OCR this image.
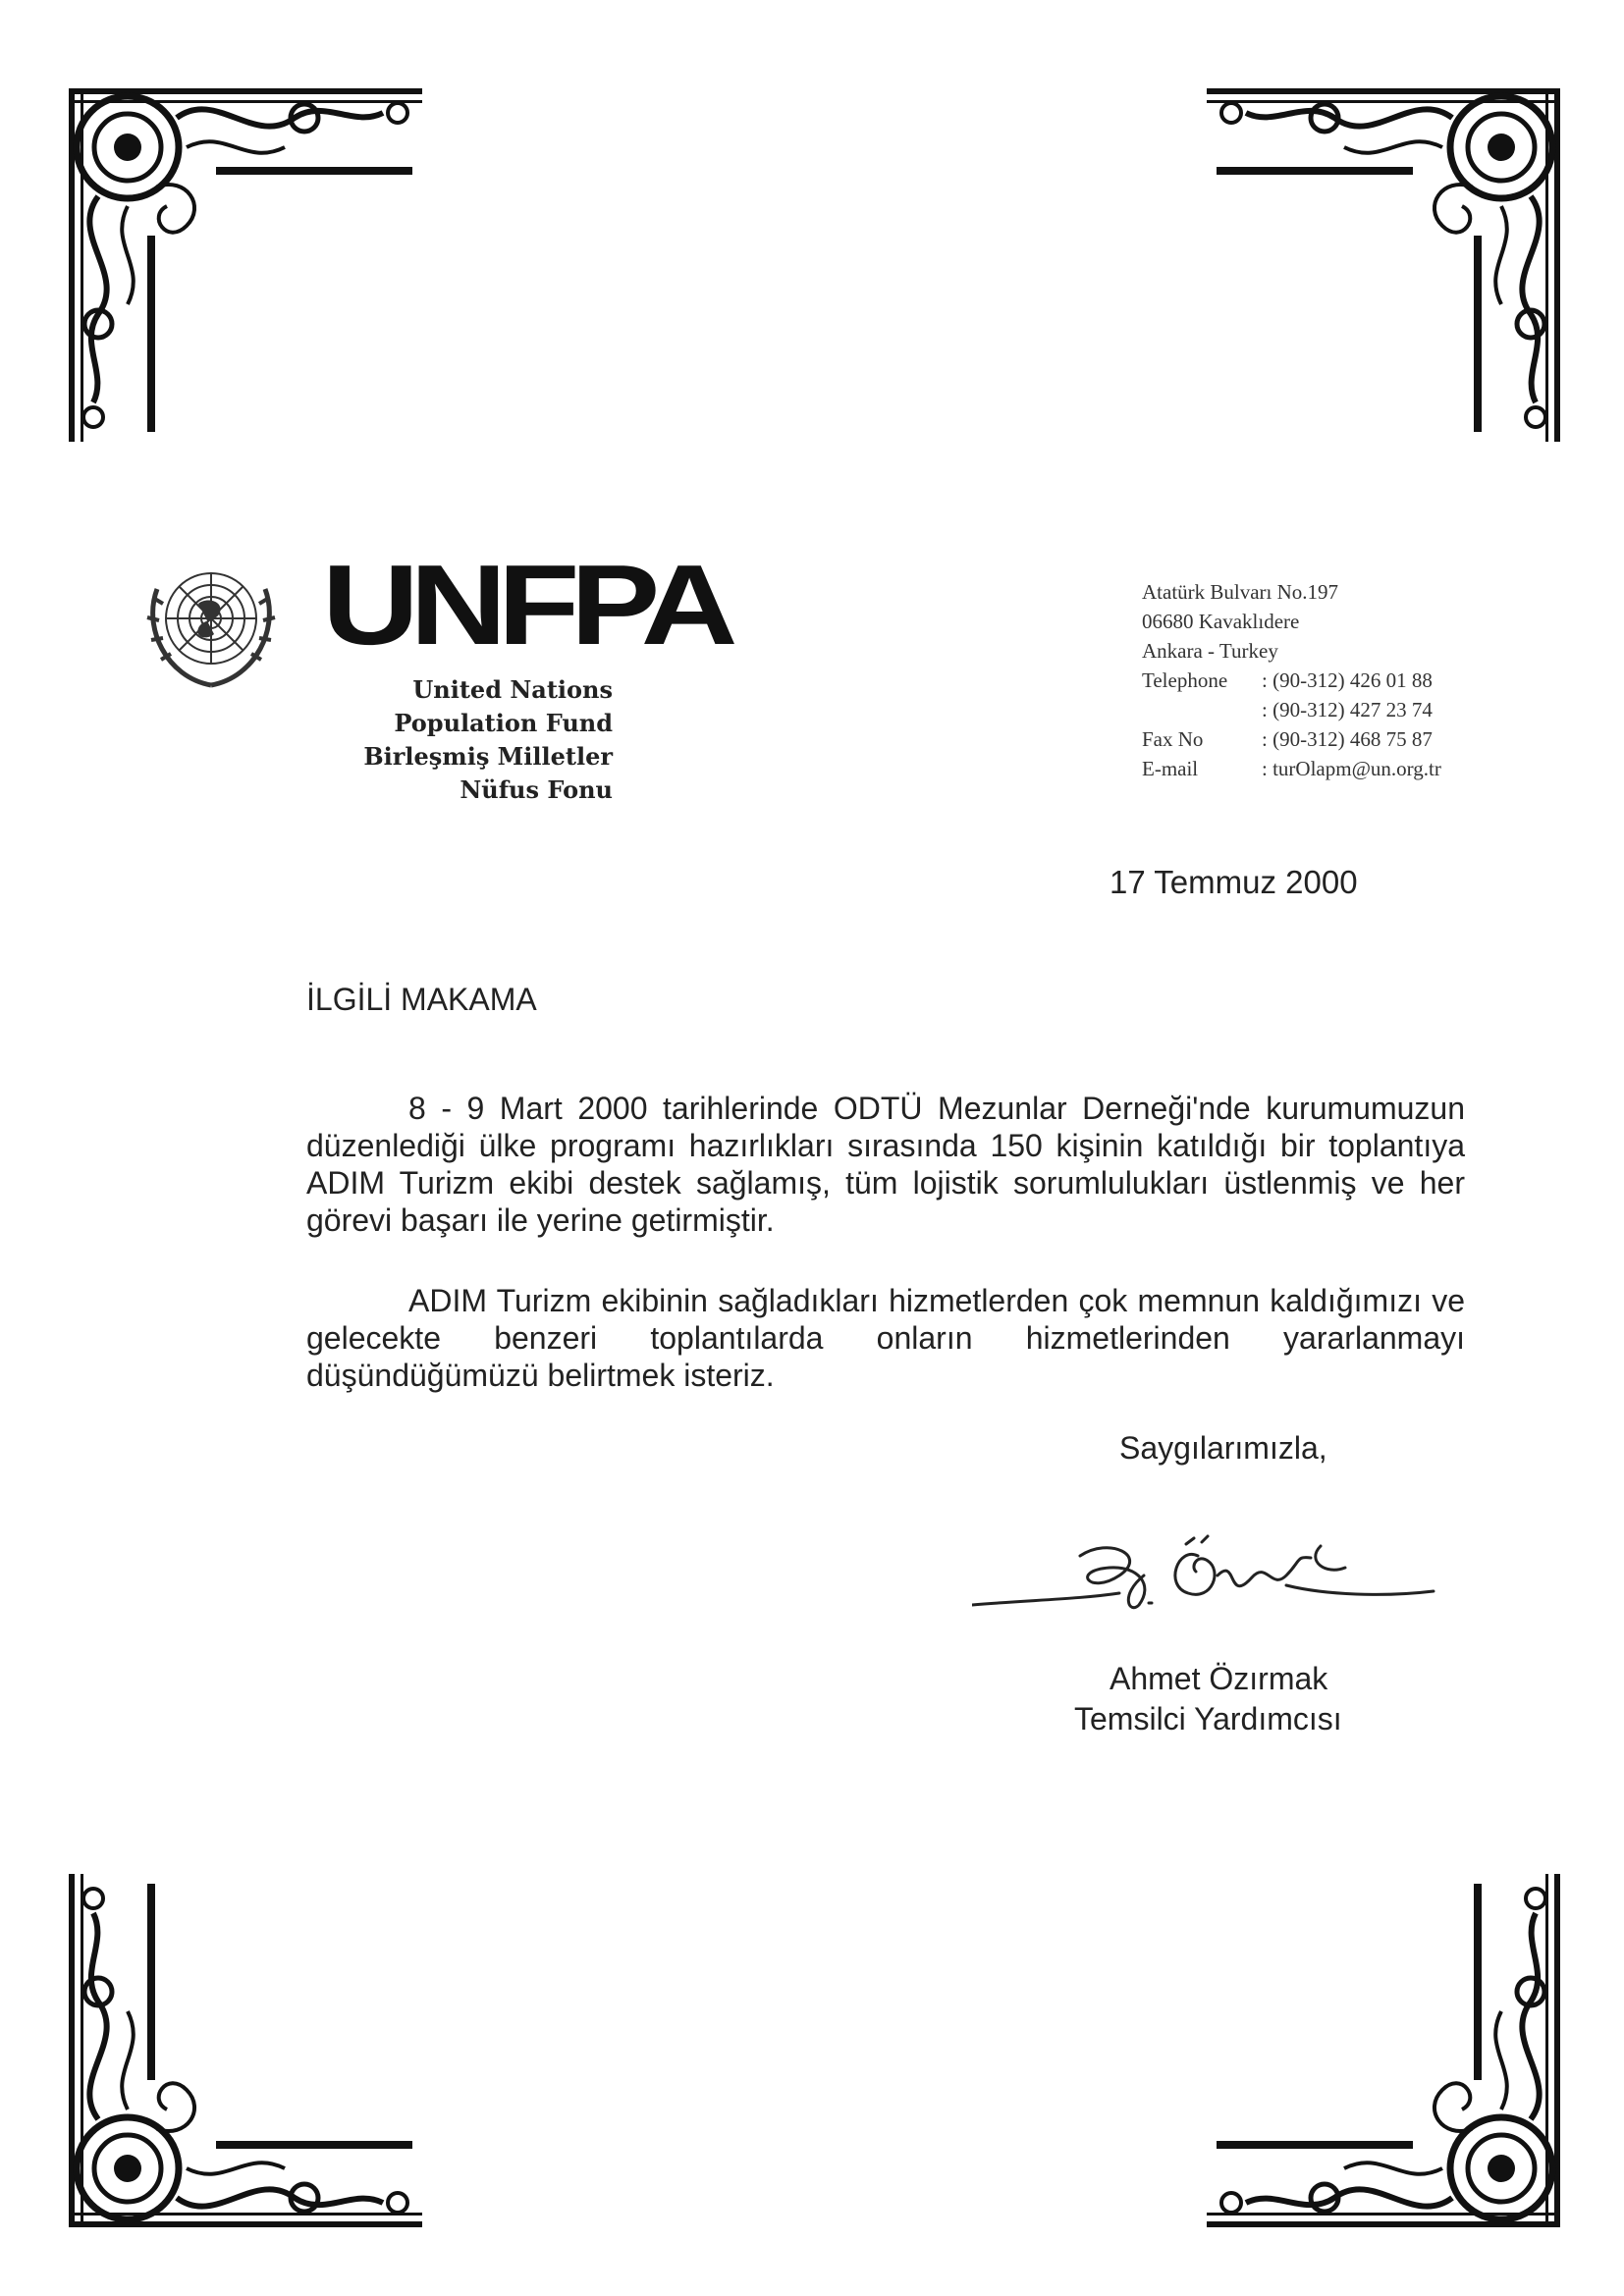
UNFPA
United Nations
Population Fund
Birleşmiş Milletler
Nüfus Fonu
Atatürk Bulvarı No.197
06680 Kavaklıdere
Ankara - Turkey
Telephone	: (90-312) 426 01 88
: (90-312) 427 23 74
Fax No	: (90-312) 468 75 87
E-mail	: turOlapm@un.org.tr
17 Temmuz 2000
İLGİLİ MAKAMA

8 - 9 Mart 2000 tarihlerinde ODTÜ Mezunlar Derneği'nde kurumumuzun düzenlediği ülke programı hazırlıkları sırasında 150 kişinin katıldığı bir toplantıya ADIM Turizm ekibi destek sağlamış, tüm lojistik sorumlulukları üstlenmiş ve her görevi başarı ile yerine getirmiştir.

ADIM Turizm ekibinin sağladıkları hizmetlerden çok memnun kaldığımızı ve gelecekte benzeri toplantılarda onların hizmetlerinden yararlanmayı düşündüğümüzü belirtmek isteriz.

Saygılarımızla,
Ahmet Özırmak
Temsilci Yardımcısı
